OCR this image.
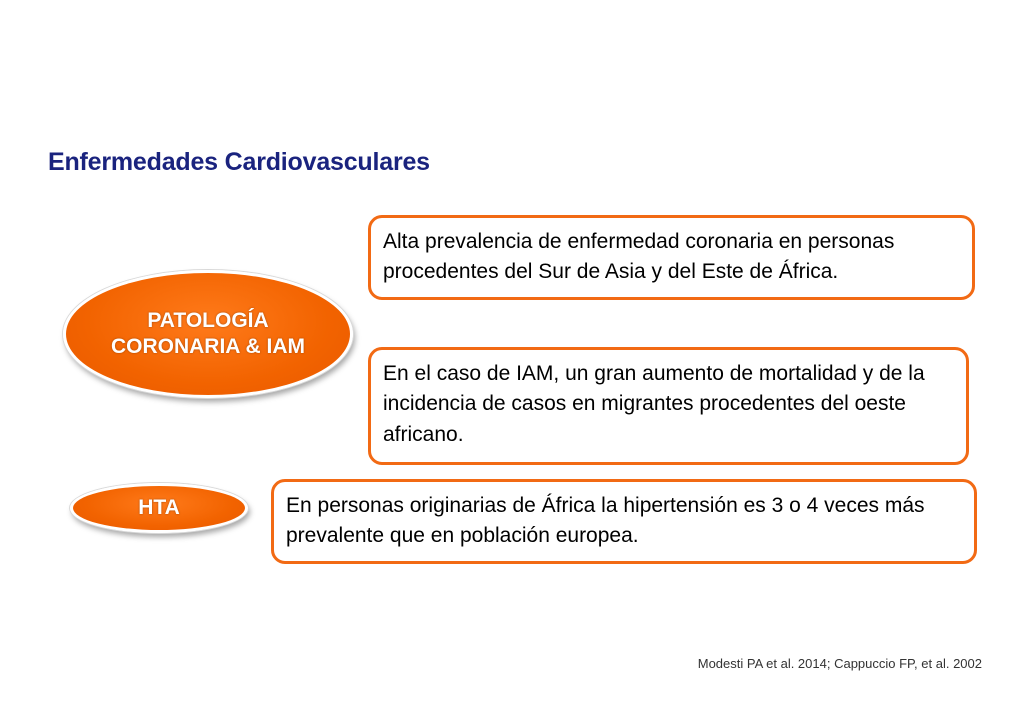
Enfermedades Cardiovasculares
PATOLOGÍA CORONARIA & IAM
Alta prevalencia de enfermedad coronaria en personas procedentes del Sur de Asia y del Este de África.
En el caso de IAM, un gran aumento de mortalidad y de la incidencia de casos en migrantes procedentes del oeste africano.
HTA	En personas originarias de África la hipertensión es 3 o 4 veces más prevalente que en población europea.
Modesti PA et al. 2014; Cappuccio FP, et al. 2002
